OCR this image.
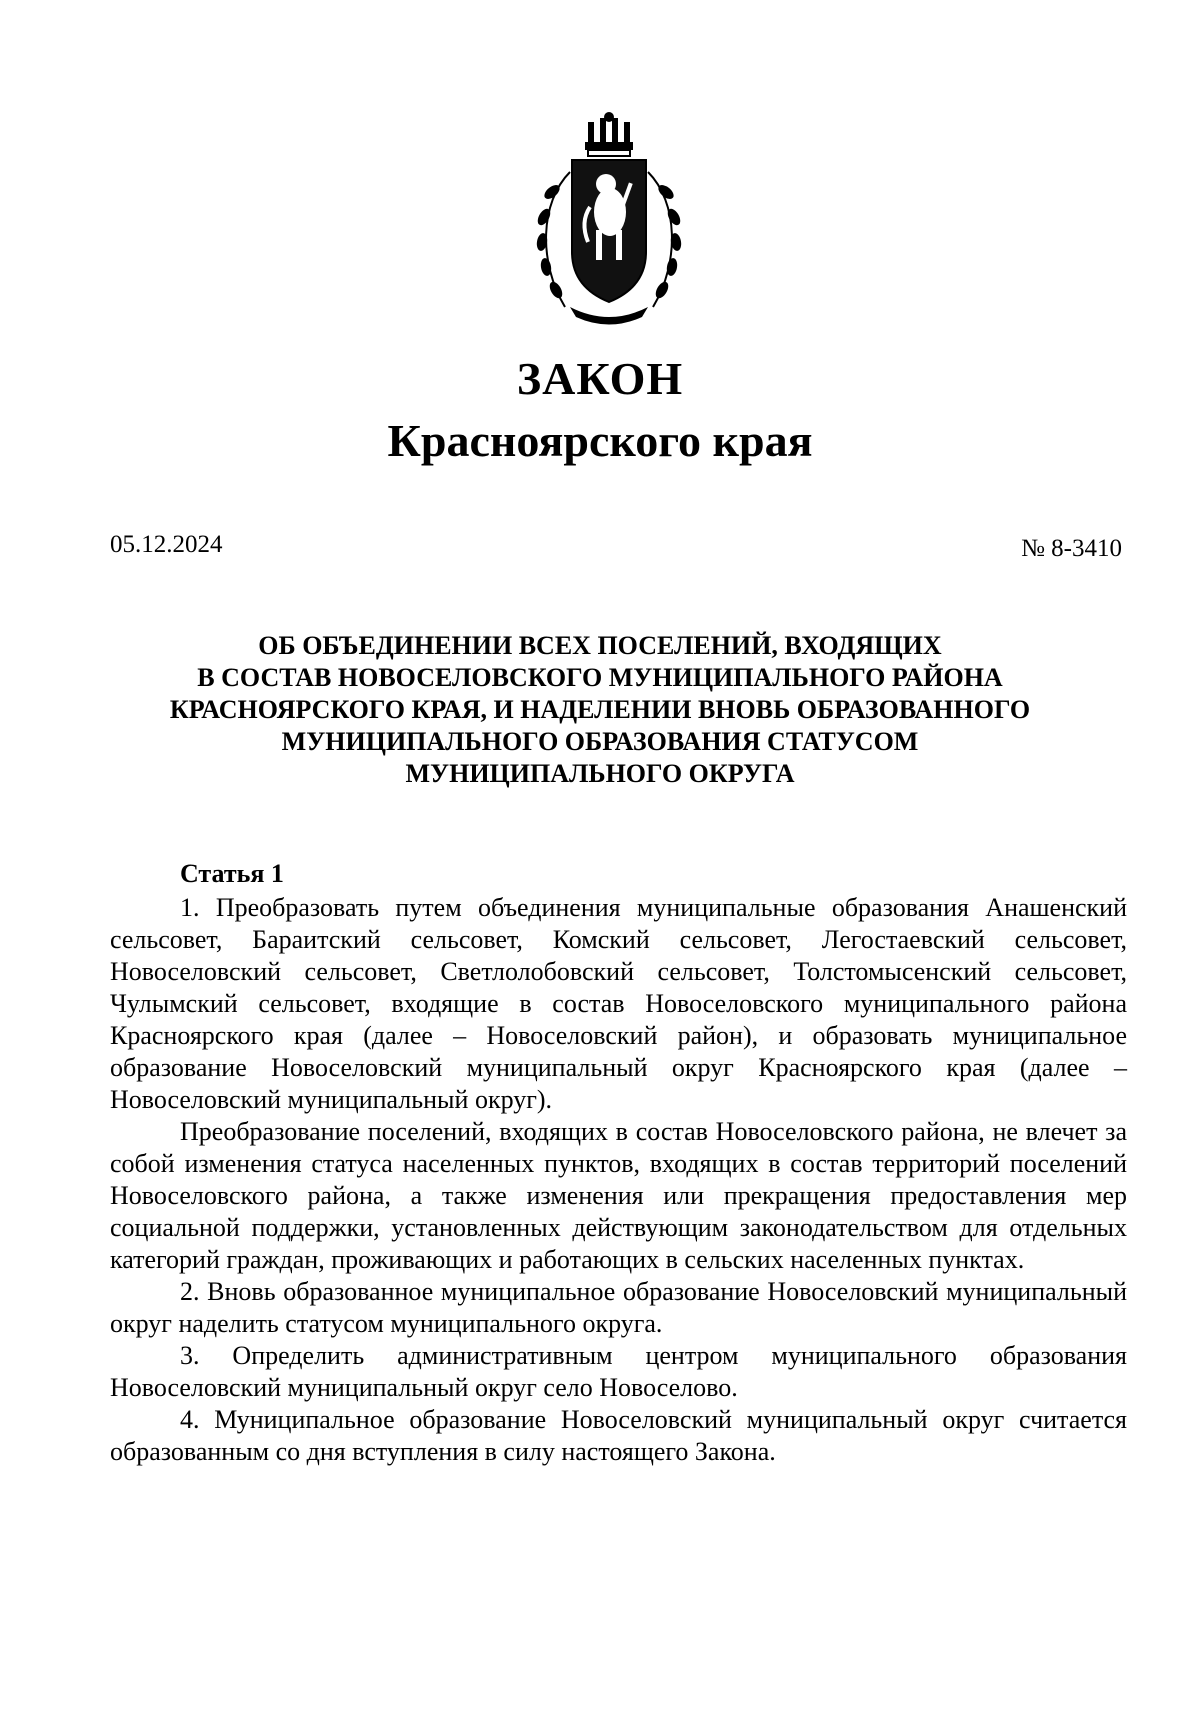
ЗАКОН
Красноярского края
05.12.2024	№ 8-3410
ОБ ОБЪЕДИНЕНИИ ВСЕХ ПОСЕЛЕНИЙ, ВХОДЯЩИХ
В СОСТАВ НОВОСЕЛОВСКОГО МУНИЦИПАЛЬНОГО РАЙОНА
КРАСНОЯРСКОГО КРАЯ, И НАДЕЛЕНИИ ВНОВЬ ОБРАЗОВАННОГО
МУНИЦИПАЛЬНОГО ОБРАЗОВАНИЯ СТАТУСОМ
МУНИЦИПАЛЬНОГО ОКРУГА
Статья 1

1. Преобразовать путем объединения муниципальные образования Анашенский сельсовет, Бараитский сельсовет, Комский сельсовет, Легостаевский сельсовет, Новоселовский сельсовет, Светлолобовский сельсовет, Толстомысенский сельсовет, Чулымский сельсовет, входящие в состав Новоселовского муниципального района Красноярского края (далее – Новоселовский район), и образовать муниципальное образование Новоселовский муниципальный округ Красноярского края (далее – Новоселовский муниципальный округ).

Преобразование поселений, входящих в состав Новоселовского района, не влечет за собой изменения статуса населенных пунктов, входящих в состав территорий поселений Новоселовского района, а также изменения или прекращения предоставления мер социальной поддержки, установленных действующим законодательством для отдельных категорий граждан, проживающих и работающих в сельских населенных пунктах.

2. Вновь образованное муниципальное образование Новоселовский муниципальный округ наделить статусом муниципального округа.

3. Определить административным центром муниципального образования Новоселовский муниципальный округ село Новоселово.

4. Муниципальное образование Новоселовский муниципальный округ считается образованным со дня вступления в силу настоящего Закона.
